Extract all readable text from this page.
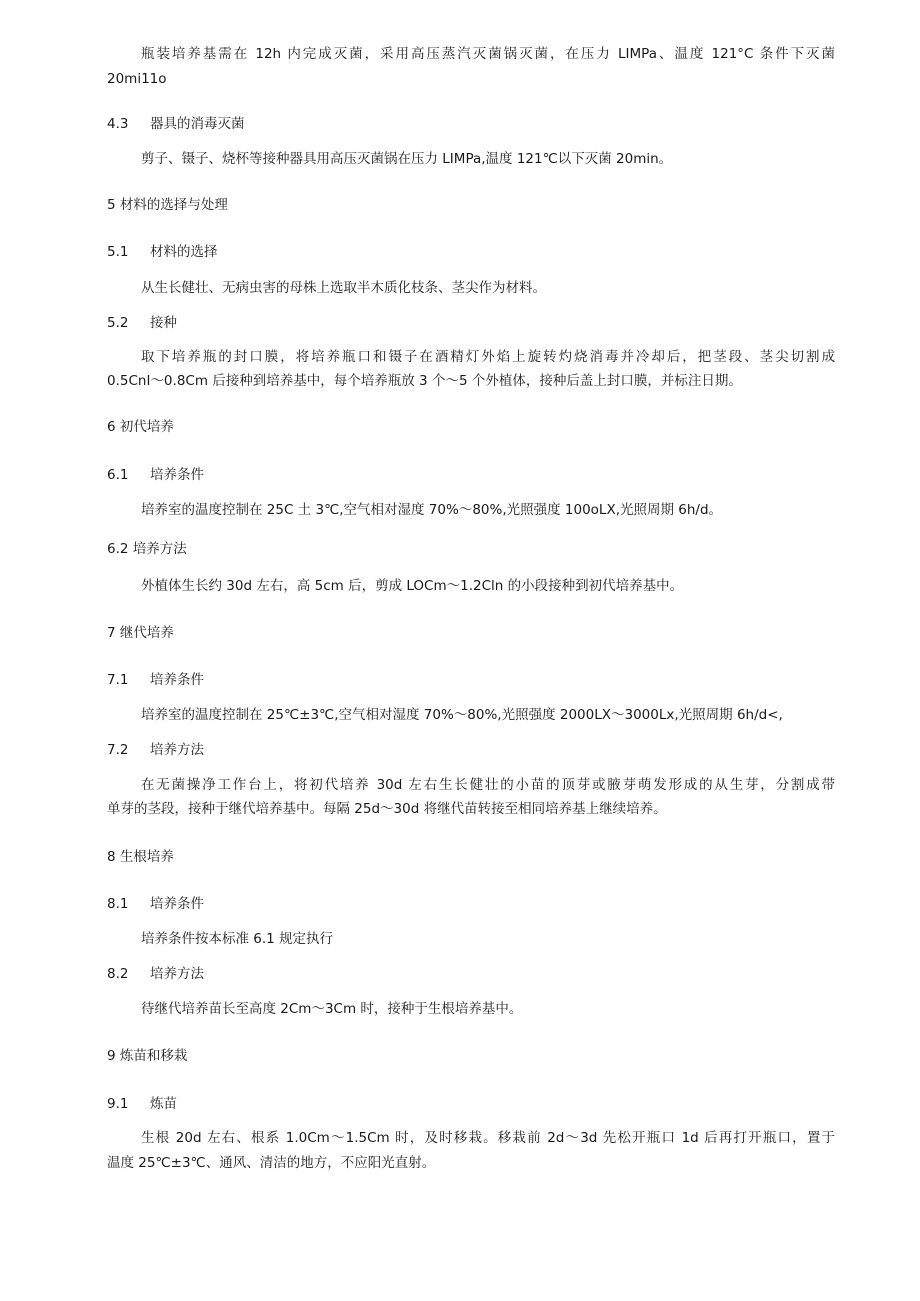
瓶装培养基需在 12h 内完成灭菌，采用高压蒸汽灭菌锅灭菌，在压力 LIMPa、温度 121°C 条件下灭菌
20mi11o
4.3 器具的消毒灭菌
剪子、镊子、烧杯等接种器具用高压灭菌锅在压力 LIMPa,温度 121℃以下灭菌 20min。
5 材料的选择与处理
5.1 材料的选择
从生长健壮、无病虫害的母株上选取半木质化枝条、茎尖作为材料。
5.2 接种
取下培养瓶的封口膜，将培养瓶口和镊子在酒精灯外焰上旋转灼烧消毒并冷却后，把茎段、茎尖切割成
0.5CnI～0.8Cm 后接种到培养基中，每个培养瓶放 3 个～5 个外植体，接种后盖上封口膜，并标注日期。
6 初代培养
6.1 培养条件
培养室的温度控制在 25C 土 3℃,空气相对湿度 70%～80%,光照强度 100oLX,光照周期 6h/d。
6.2 培养方法
外植体生长约 30d 左右，高 5cm 后，剪成 LOCm～1.2Cln 的小段接种到初代培养基中。
7 继代培养
7.1 培养条件
培养室的温度控制在 25℃±3℃,空气相对湿度 70%～80%,光照强度 2000LX～3000Lx,光照周期 6h∕d<,
7.2 培养方法
在无菌操净工作台上，将初代培养 30d 左右生长健壮的小苗的顶芽或腋芽萌发形成的从生芽，分割成带
单芽的茎段，接种于继代培养基中。每隔 25d～30d 将继代苗转接至相同培养基上继续培养。
8 生根培养
8.1 培养条件
培养条件按本标准 6.1 规定执行
8.2 培养方法
待继代培养苗长至高度 2Cm～3Cm 时，接种于生根培养基中。
9 炼苗和移栽
9.1 炼苗
生根 20d 左右、根系 1.0Cm～1.5Cm 时，及时移栽。移栽前 2d～3d 先松开瓶口 1d 后再打开瓶口，置于
温度 25℃±3℃、通风、清洁的地方，不应阳光直射。
